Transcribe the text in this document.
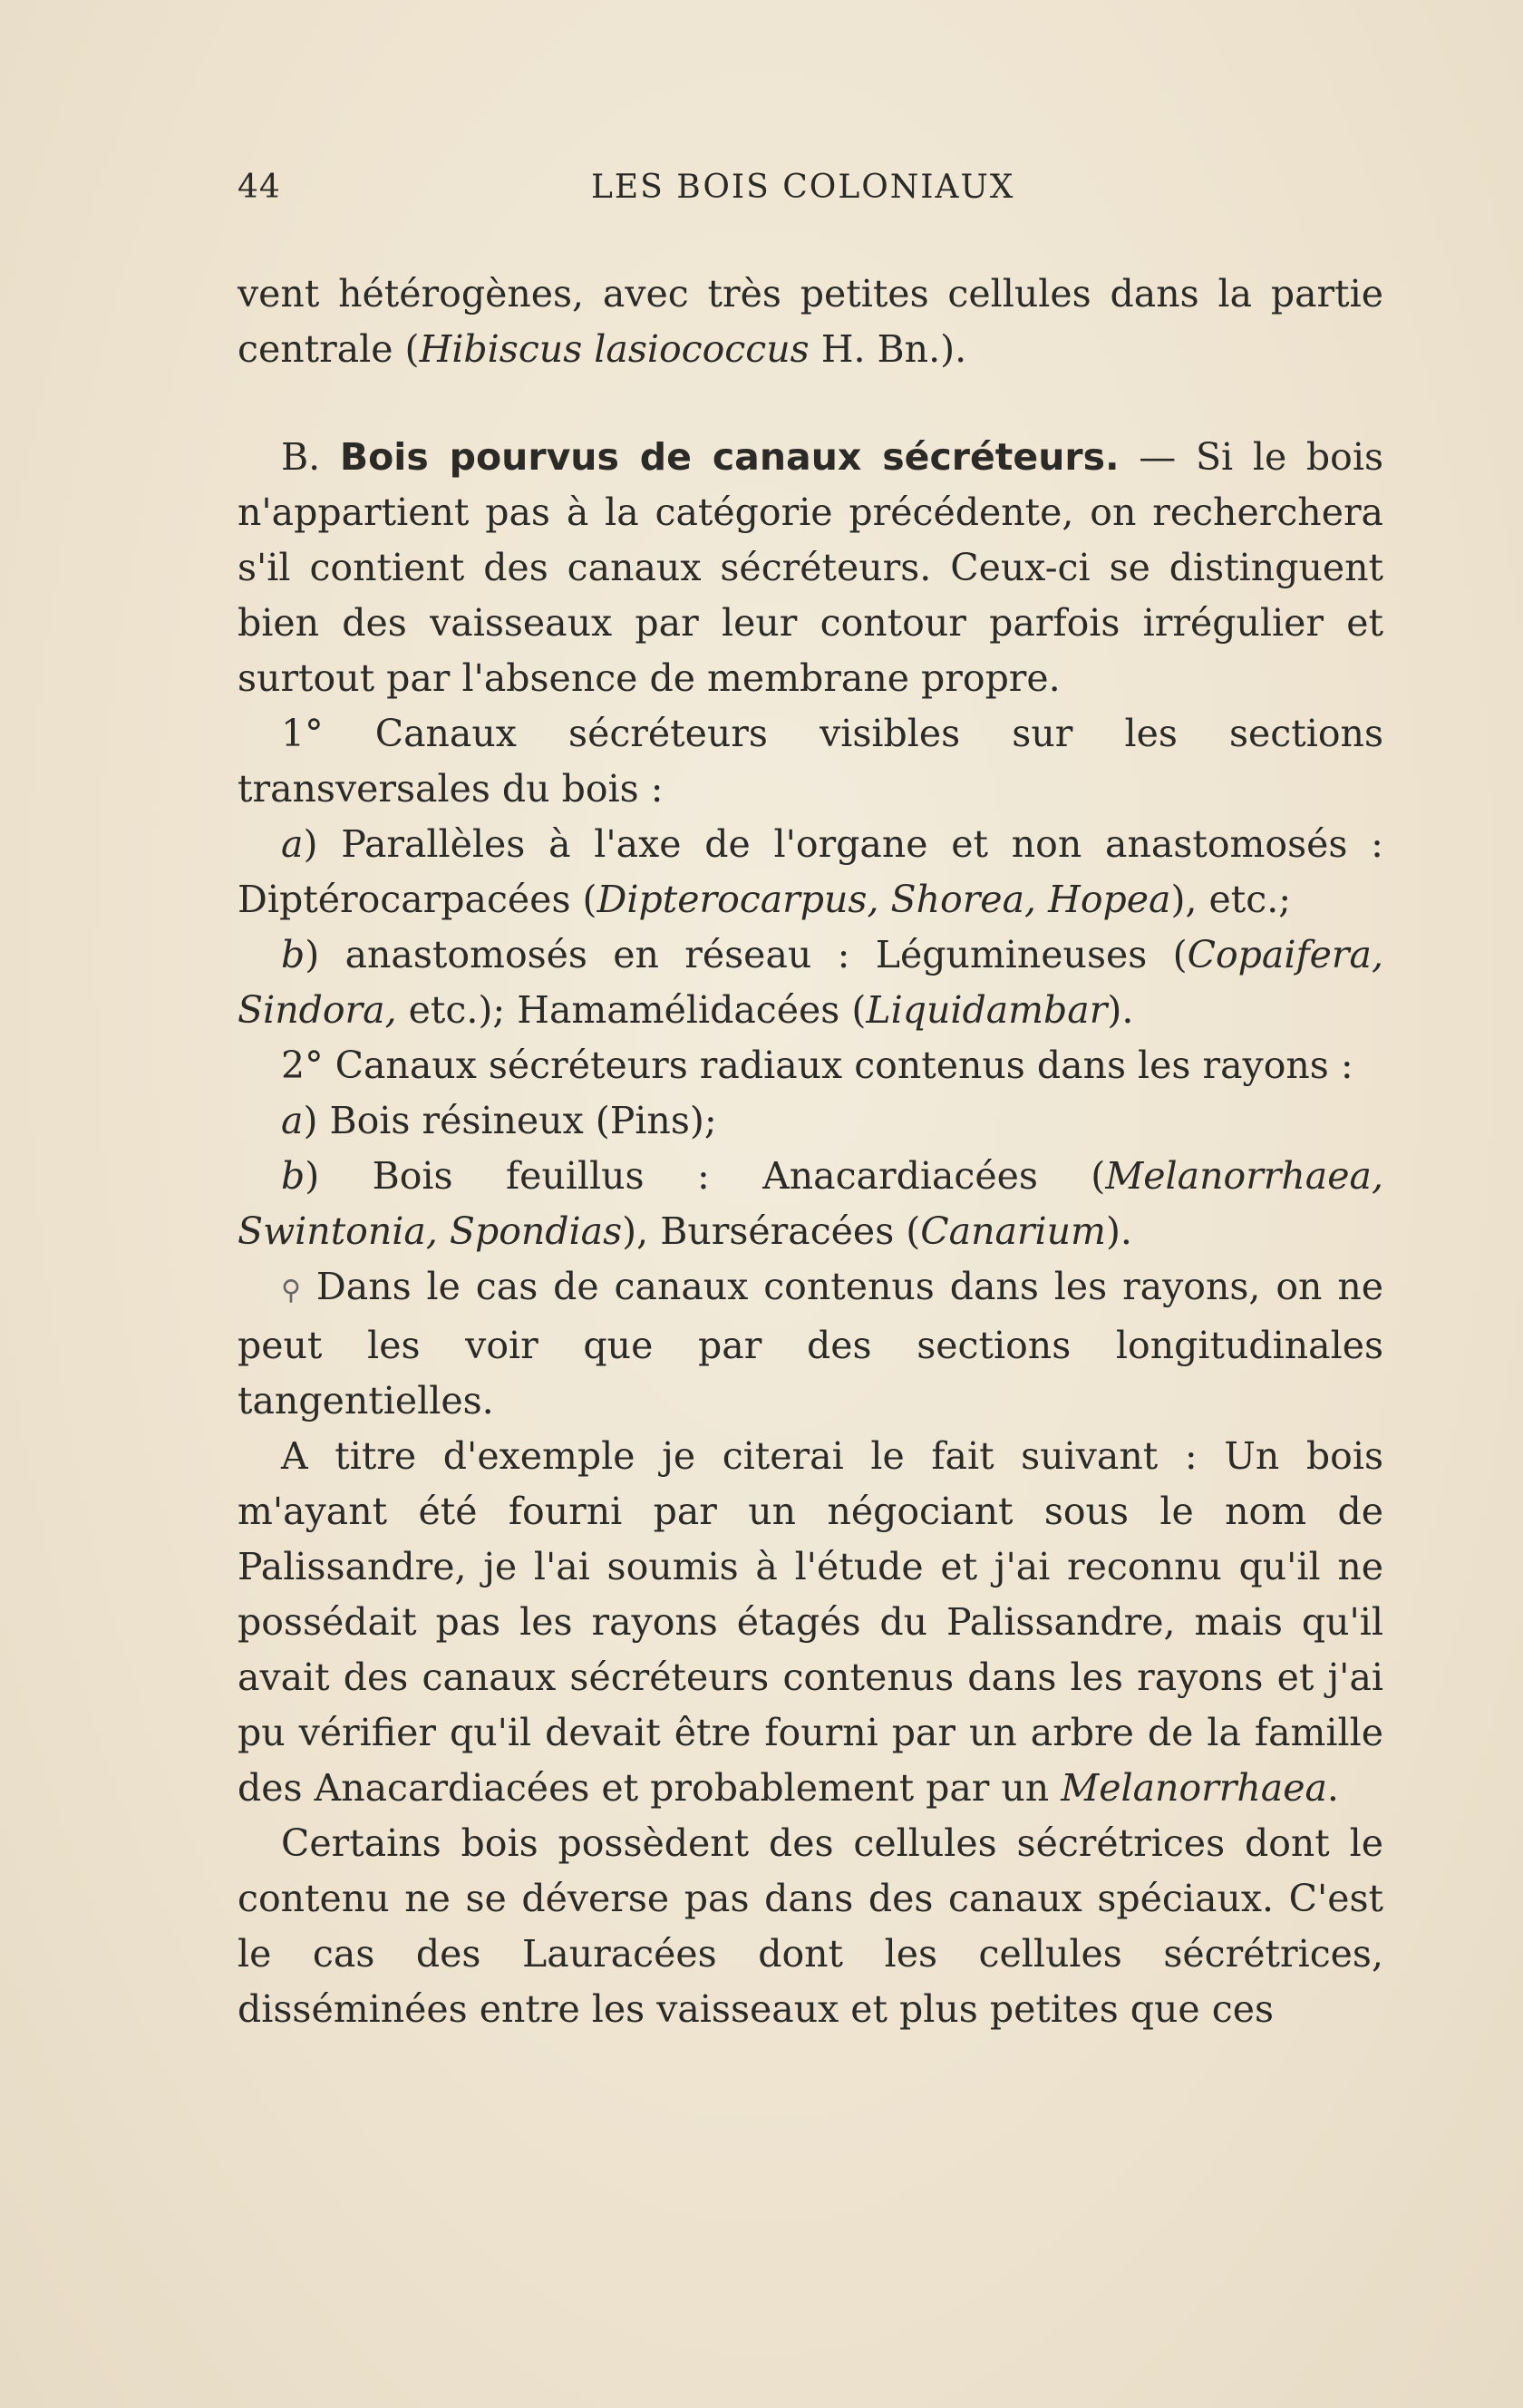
44	LES BOIS COLONIAUX

vent hétérogènes, avec très petites cellules dans la partie centrale (Hibiscus lasiococcus H. Bn.).

B. Bois pourvus de canaux sécréteurs. — Si le bois n'appartient pas à la catégorie précédente, on recherchera s'il contient des canaux sécréteurs. Ceux-ci se distinguent bien des vaisseaux par leur contour parfois irrégulier et surtout par l'absence de membrane propre.

1° Canaux sécréteurs visibles sur les sections transversales du bois :

a) Parallèles à l'axe de l'organe et non anastomosés : Diptérocarpacées (Dipterocarpus, Shorea, Hopea), etc.;

b) anastomosés en réseau : Légumineuses (Copaifera, Sindora, etc.); Hamamélidacées (Liquidambar).

2° Canaux sécréteurs radiaux contenus dans les rayons :

a) Bois résineux (Pins);

b) Bois feuillus : Anacardiacées (Melanorrhaea, Swintonia, Spondias), Burséracées (Canarium).

⚲ Dans le cas de canaux contenus dans les rayons, on ne peut les voir que par des sections longitudinales tangentielles.

A titre d'exemple je citerai le fait suivant : Un bois m'ayant été fourni par un négociant sous le nom de Palissandre, je l'ai soumis à l'étude et j'ai reconnu qu'il ne possédait pas les rayons étagés du Palissandre, mais qu'il avait des canaux sécréteurs contenus dans les rayons et j'ai pu vérifier qu'il devait être fourni par un arbre de la famille des Anacardiacées et probablement par un Melanorrhaea.

Certains bois possèdent des cellules sécrétrices dont le contenu ne se déverse pas dans des canaux spéciaux. C'est le cas des Lauracées dont les cellules sécrétrices, disséminées entre les vaisseaux et plus petites que ces
